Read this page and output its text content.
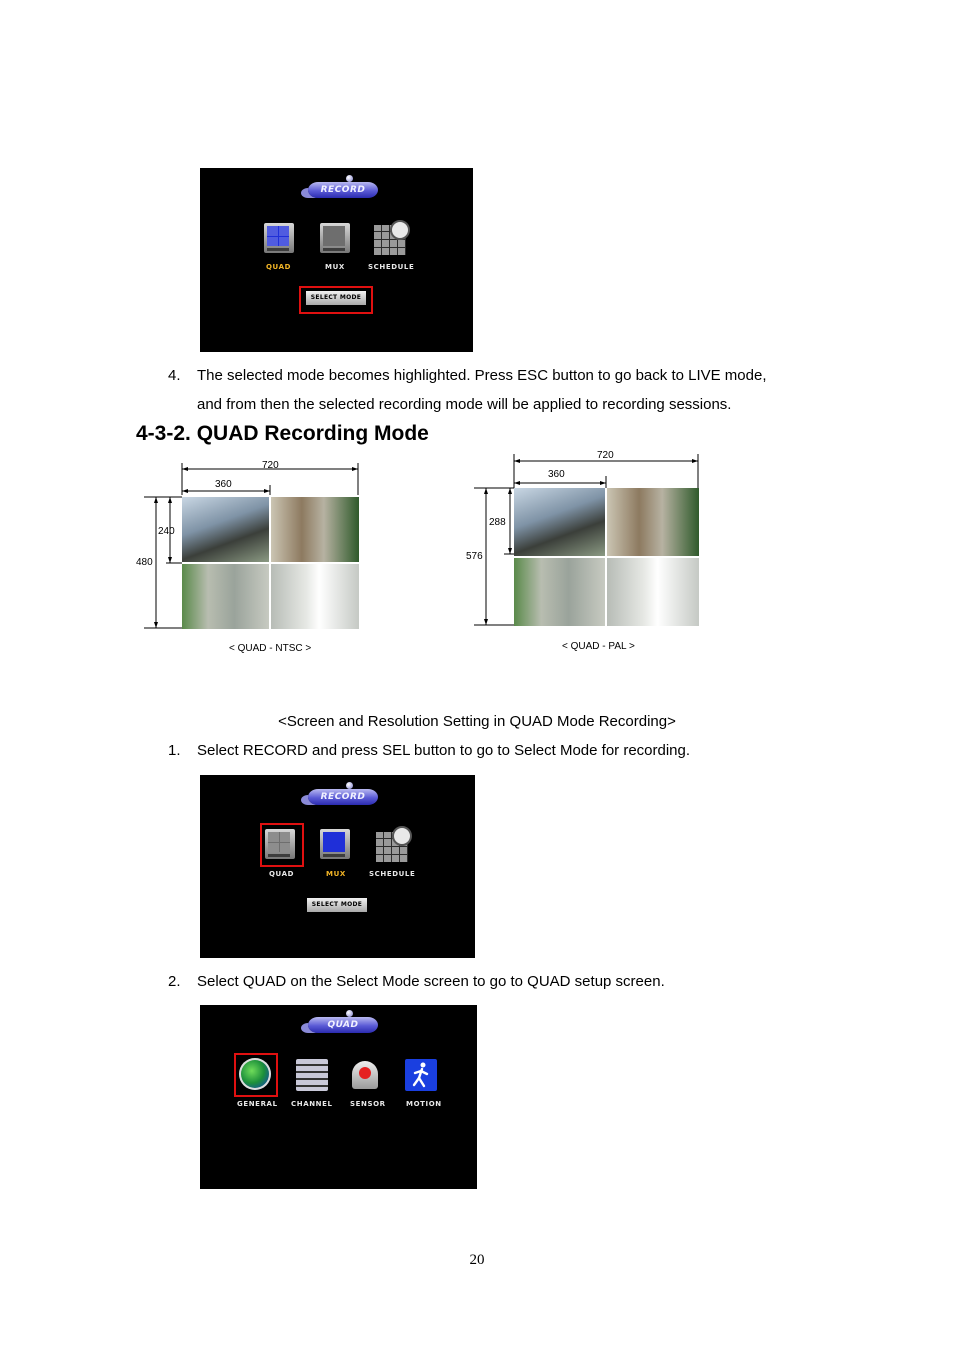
RECORD
QUAD	MUX	SCHEDULE
SELECT MODE
4. The selected mode becomes highlighted. Press ESC button to go back to LIVE mode,
and from then the selected recording mode will be applied to recording sessions.
4-3-2. QUAD Recording Mode
720
360
240
480
< QUAD - NTSC >
720
360
288
576
< QUAD - PAL >
<Screen and Resolution Setting in QUAD Mode Recording>
1. Select RECORD and press SEL button to go to Select Mode for recording.
RECORD
QUAD	MUX	SCHEDULE
SELECT MODE
2. Select QUAD on the Select Mode screen to go to QUAD setup screen.
QUAD
GENERAL CHANNEL SENSOR	MOTION
20
